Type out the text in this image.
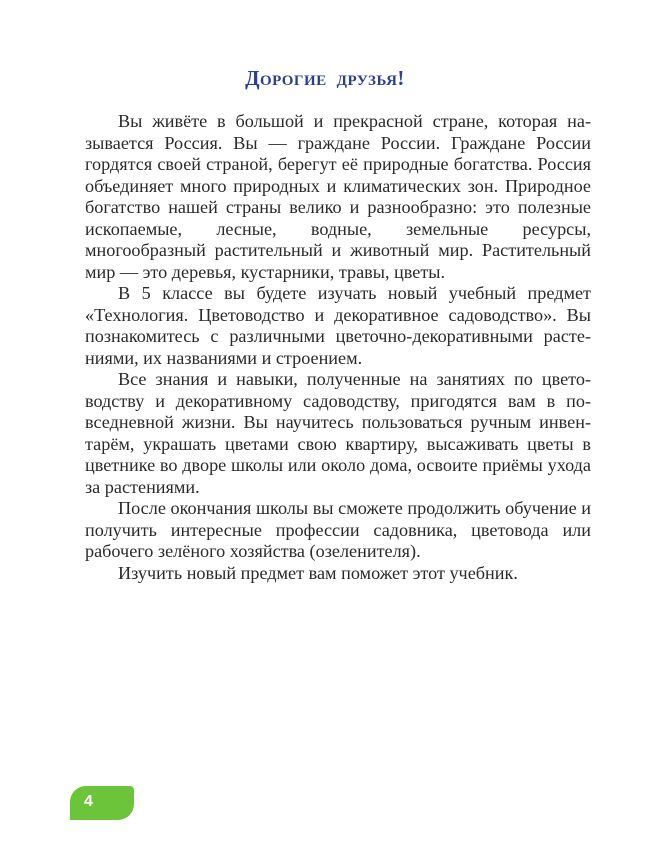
Дорогие друзья!

Вы живёте в большой и прекрасной стране, которая называется Россия. Вы — граждане России. Граждане России гордятся своей страной, берегут её природные богатства. Россия объединяет много природных и климатических зон. Природное богатство нашей страны велико и разнообразно: это полезные ископаемые, лесные, водные, земельные ресурсы, многообразный растительный и животный мир. Растительный мир — это деревья, кустарники, травы, цветы.

В 5 классе вы будете изучать новый учебный предмет «Технология. Цветоводство и декоративное садоводство». Вы познакомитесь с различными цветочно-декоративными растениями, их названиями и строением.

Все знания и навыки, полученные на занятиях по цветоводству и декоративному садоводству, пригодятся вам в повседневной жизни. Вы научитесь пользоваться ручным инвентарём, украшать цветами свою квартиру, высаживать цветы в цветнике во дворе школы или около дома, освоите приёмы ухода за растениями.

После окончания школы вы сможете продолжить обучение и получить интересные профессии садовника, цветовода или рабочего зелёного хозяйства (озеленителя).

Изучить новый предмет вам поможет этот учебник.

4
